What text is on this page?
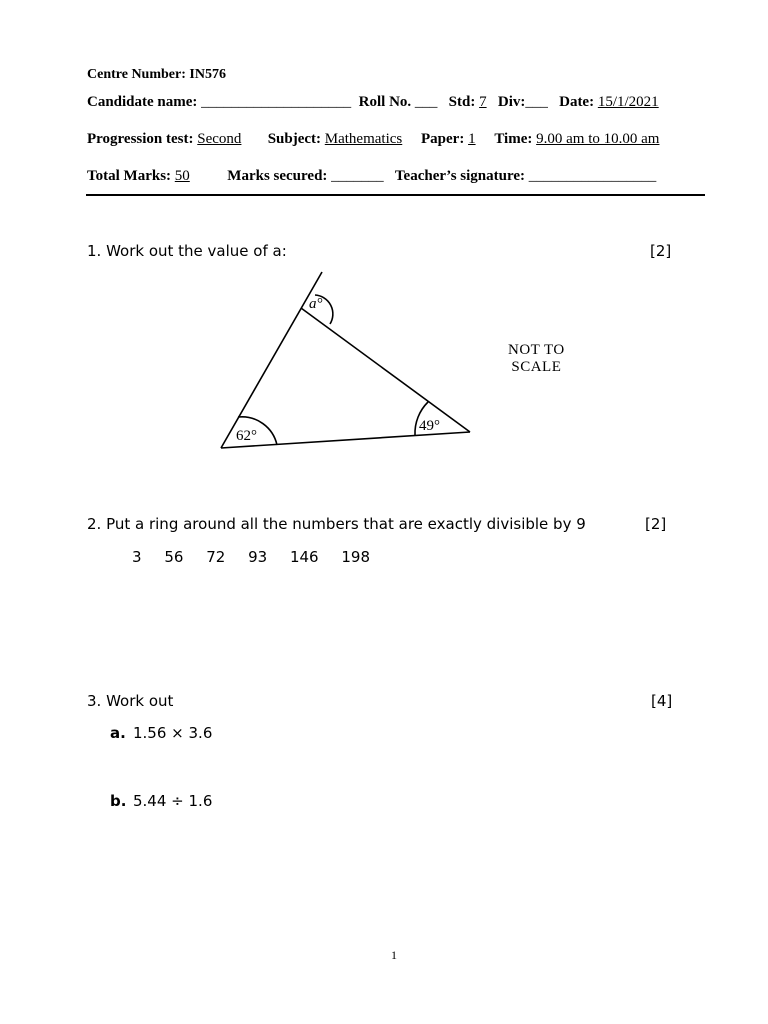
Centre Number: IN576
Candidate name: ____________________ Roll No. ___ Std: 7 Div:___ Date: 15/1/2021
Progression test: Second Subject: Mathematics Paper: 1 Time: 9.00 am to 10.00 am
Total Marks: 50	Marks secured: _______ Teacher’s signature: _________________
1. Work out the value of a:	[2]
a°
62°
49°
NOT TO
SCALE
2. Put a ring around all the numbers that are exactly divisible by 9	[2]
3 56 72 93 146 198
3. Work out	[4]
a. 1.56 × 3.6
b. 5.44 ÷ 1.6
1
